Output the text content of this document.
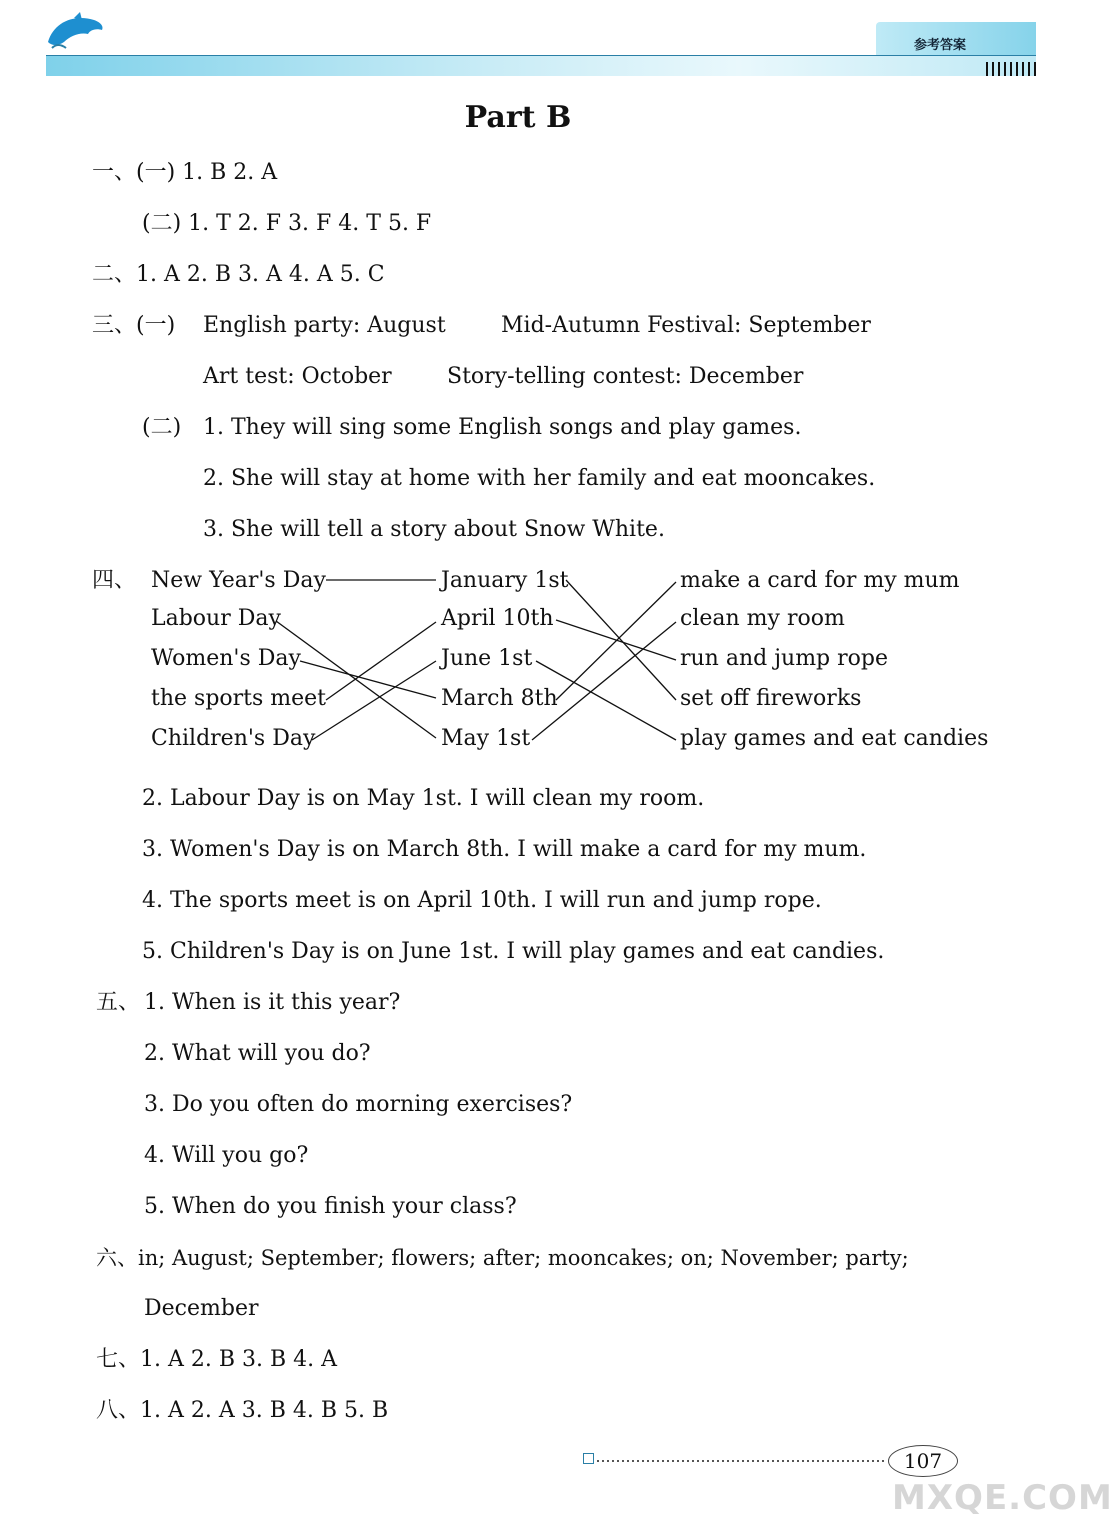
参考答案
Part B
一、(一) 1. B 2. A
(二) 1. T 2. F 3. F 4. T 5. F
二、1. A 2. B 3. A 4. A 5. C
三、(一) English party: August	Mid-Autumn Festival: September
Art test: October	Story-telling contest: December
(二) 1. They will sing some English songs and play games.
2. She will stay at home with her family and eat mooncakes.
3. She will tell a story about Snow White.
四、 New Year's Day
Labour Day
Women's Day
the sports meet
Children's Day
January 1st
April 10th
June 1st
March 8th
May 1st
make a card for my mum
clean my room
run and jump rope
set off fireworks
play games and eat candies
2. Labour Day is on May 1st. I will clean my room.
3. Women's Day is on March 8th. I will make a card for my mum.
4. The sports meet is on April 10th. I will run and jump rope.
5. Children's Day is on June 1st. I will play games and eat candies.
五、 1. When is it this year?
2. What will you do?
3. Do you often do morning exercises?
4. Will you go?
5. When do you finish your class?
六、in; August; September; flowers; after; mooncakes; on; November; party;
December
七、1. A 2. B 3. B 4. A
八、1. A 2. A 3. B 4. B 5. B
107
MXQE.COM
